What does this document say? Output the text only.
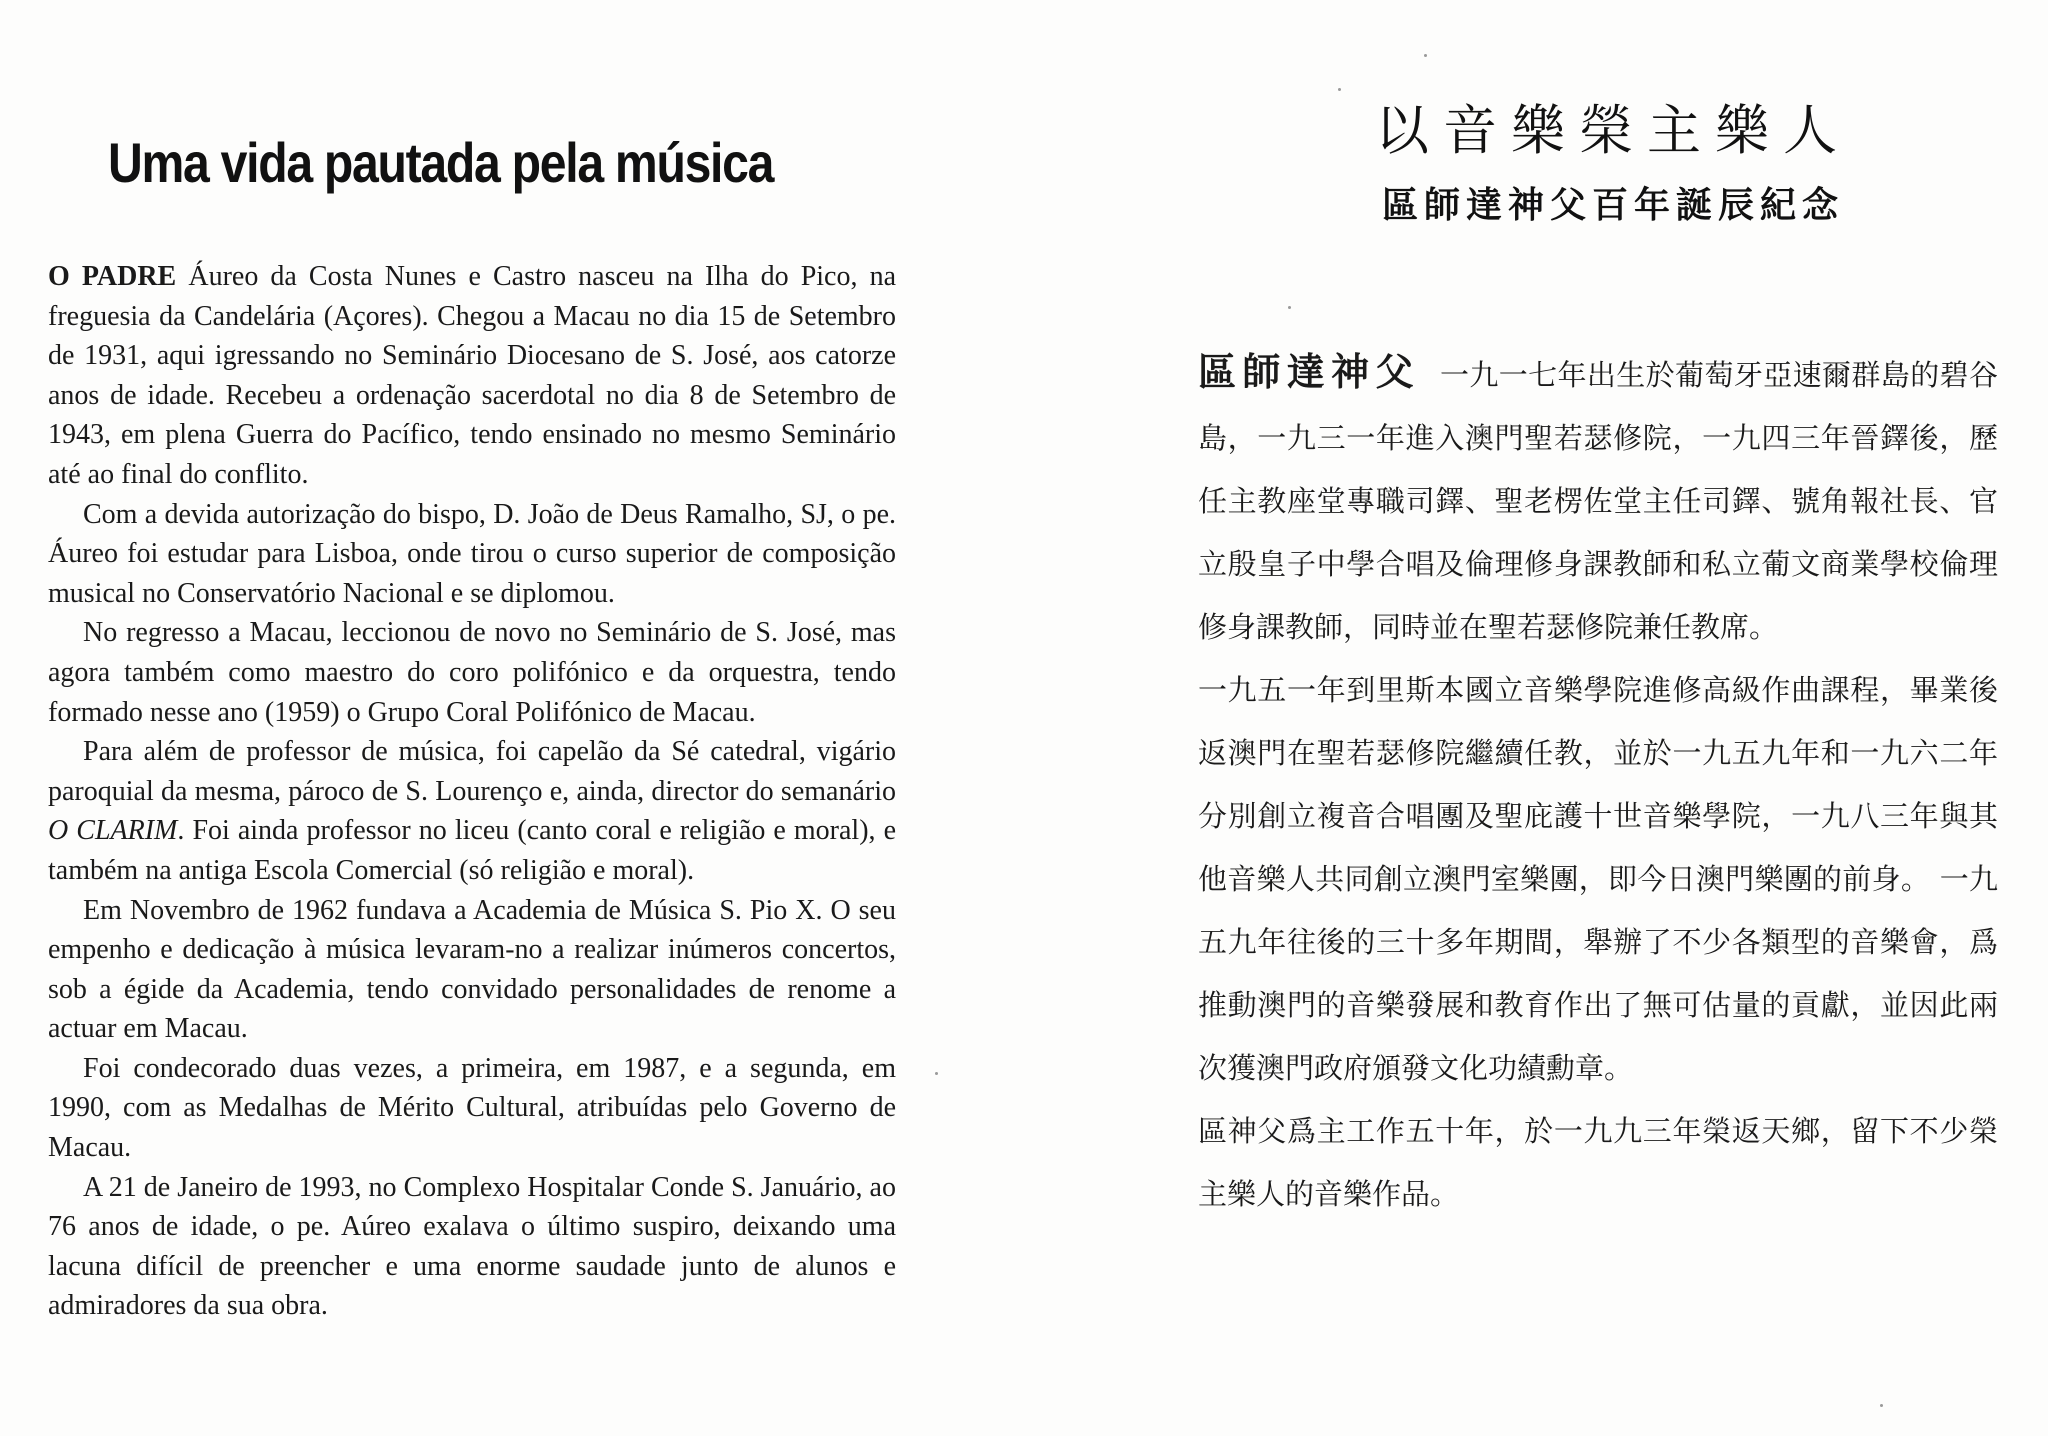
Uma vida pautada pela música

O PADRE Áureo da Costa Nunes e Castro nasceu na Ilha do Pico, na freguesia da Candelária (Açores). Chegou a Macau no dia 15 de Setembro de 1931, aqui igressando no Seminário Diocesano de S. José, aos catorze anos de idade. Recebeu a ordenação sacerdotal no dia 8 de Setembro de 1943, em plena Guerra do Pacífico, tendo ensinado no mesmo Seminário até ao final do conflito.

Com a devida autorização do bispo, D. João de Deus Ramalho, SJ, o pe. Áureo foi estudar para Lisboa, onde tirou o curso superior de composição musical no Conservatório Nacional e se diplomou.

No regresso a Macau, leccionou de novo no Seminário de S. José, mas agora também como maestro do coro polifónico e da orquestra, tendo formado nesse ano (1959) o Grupo Coral Polifónico de Macau.

Para além de professor de música, foi capelão da Sé catedral, vigário paroquial da mesma, pároco de S. Lourenço e, ainda, director do semanário O CLARIM. Foi ainda professor no liceu (canto coral e religião e moral), e também na antiga Escola Comercial (só religião e moral).

Em Novembro de 1962 fundava a Academia de Música S. Pio X. O seu empenho e dedicação à música levaram-no a realizar inúmeros concertos, sob a égide da Academia, tendo convidado personalidades de renome a actuar em Macau.

Foi condecorado duas vezes, a primeira, em 1987, e a segunda, em 1990, com as Medalhas de Mérito Cultural, atribuídas pelo Governo de Macau.

A 21 de Janeiro de 1993, no Complexo Hospitalar Conde S. Januário, ao 76 anos de idade, o pe. Aúreo exalava o último suspiro, deixando uma lacuna difícil de preencher e uma enorme saudade junto de alunos e admiradores da sua obra.

以音樂榮主樂人
區師達神父百年誕辰紀念

區師達神父 一九一七年出生於葡萄牙亞速爾群島的碧谷島，一九三一年進入澳門聖若瑟修院，一九四三年晉鐸後，歷任主教座堂專職司鐸、聖老楞佐堂主任司鐸、號角報社長、官立殷皇子中學合唱及倫理修身課教師和私立葡文商業學校倫理修身課教師，同時並在聖若瑟修院兼任教席。

一九五一年到里斯本國立音樂學院進修高級作曲課程，畢業後返澳門在聖若瑟修院繼續任教，並於一九五九年和一九六二年分別創立複音合唱團及聖庇護十世音樂學院，一九八三年與其他音樂人共同創立澳門室樂團，即今日澳門樂團的前身。 一九五九年往後的三十多年期間，舉辦了不少各類型的音樂會，爲推動澳門的音樂發展和教育作出了無可估量的貢獻，並因此兩次獲澳門政府頒發文化功績勳章。

區神父爲主工作五十年，於一九九三年榮返天鄉，留下不少榮主樂人的音樂作品。
